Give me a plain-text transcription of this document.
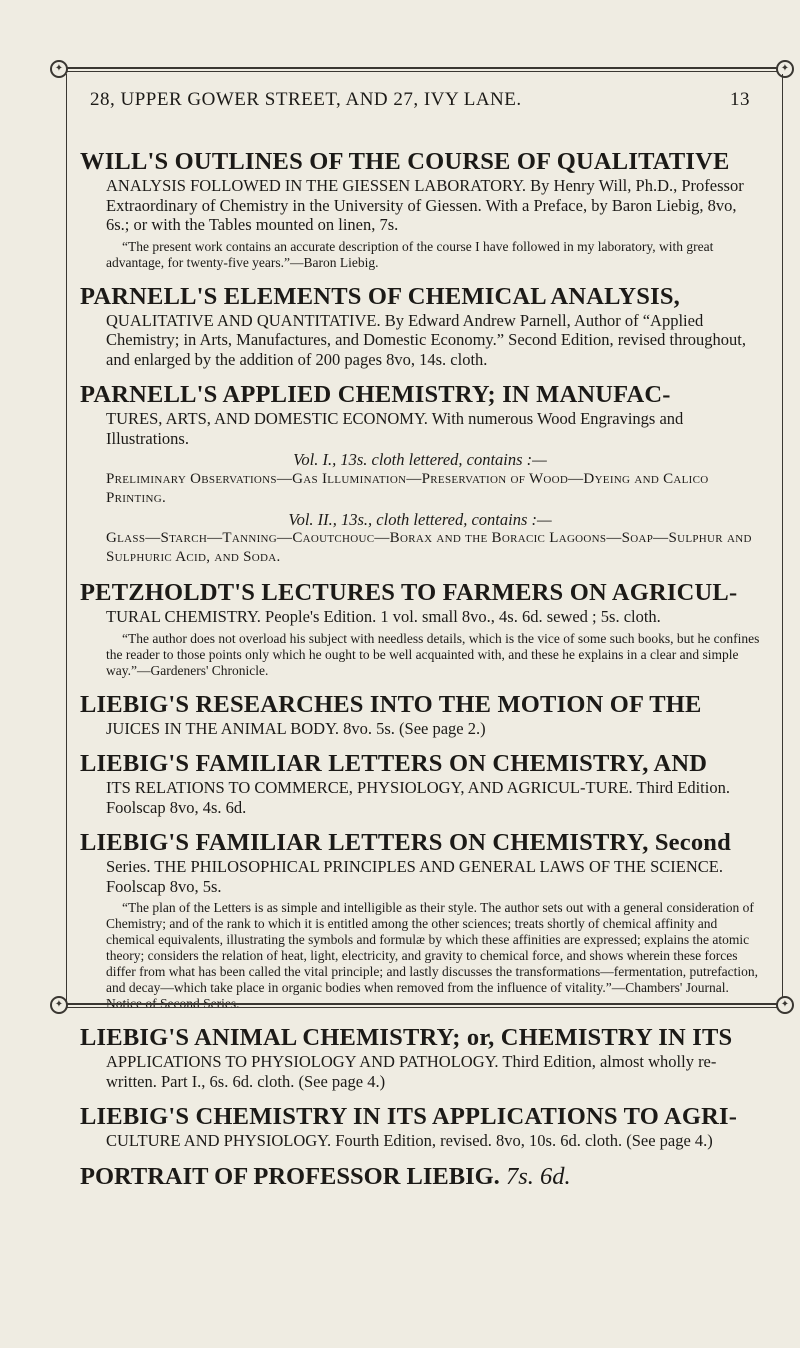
✦	✦
28, UPPER GOWER STREET, AND 27, IVY LANE.	13

WILL'S OUTLINES OF THE COURSE OF QUALITATIVE

ANALYSIS FOLLOWED IN THE GIESSEN LABORATORY. By Henry Will, Ph.D., Professor Extraordinary of Chemistry in the University of Giessen. With a Preface, by Baron Liebig, 8vo, 6s.; or with the Tables mounted on linen, 7s.

“The present work contains an accurate description of the course I have followed in my laboratory, with great advantage, for twenty-five years.”—Baron Liebig.

PARNELL'S ELEMENTS OF CHEMICAL ANALYSIS,

QUALITATIVE AND QUANTITATIVE. By Edward Andrew Parnell, Author of “Applied Chemistry; in Arts, Manufactures, and Domestic Economy.” Second Edition, revised throughout, and enlarged by the addition of 200 pages 8vo, 14s. cloth.

PARNELL'S APPLIED CHEMISTRY; IN MANUFAC-

TURES, ARTS, AND DOMESTIC ECONOMY. With numerous Wood Engravings and Illustrations.

Vol. I., 13s. cloth lettered, contains :—

Preliminary Observations—Gas Illumination—Preservation of Wood—Dyeing and Calico Printing.

Vol. II., 13s., cloth lettered, contains :—

Glass—Starch—Tanning—Caoutchouc—Borax and the Boracic Lagoons—Soap—Sulphur and Sulphuric Acid, and Soda.

PETZHOLDT'S LECTURES TO FARMERS ON AGRICUL-

TURAL CHEMISTRY. People's Edition. 1 vol. small 8vo., 4s. 6d. sewed ; 5s. cloth.

“The author does not overload his subject with needless details, which is the vice of some such books, but he confines the reader to those points only which he ought to be well acquainted with, and these he explains in a clear and simple way.”—Gardeners' Chronicle.

LIEBIG'S RESEARCHES INTO THE MOTION OF THE

JUICES IN THE ANIMAL BODY. 8vo. 5s. (See page 2.)

LIEBIG'S FAMILIAR LETTERS ON CHEMISTRY, AND

ITS RELATIONS TO COMMERCE, PHYSIOLOGY, AND AGRICUL-TURE. Third Edition. Foolscap 8vo, 4s. 6d.

LIEBIG'S FAMILIAR LETTERS ON CHEMISTRY, Second

Series. THE PHILOSOPHICAL PRINCIPLES AND GENERAL LAWS OF THE SCIENCE. Foolscap 8vo, 5s.

“The plan of the Letters is as simple and intelligible as their style. The author sets out with a general consideration of Chemistry; and of the rank to which it is entitled among the other sciences; treats shortly of chemical affinity and chemical equivalents, illustrating the symbols and formulæ by which these affinities are expressed; explains the atomic theory; considers the relation of heat, light, electricity, and gravity to chemical force, and shows wherein these forces differ from what has been called the vital principle; and lastly discusses the transformations—fermentation, putrefaction, and decay—which take place in organic bodies when removed from the influence of vitality.”—Chambers' Journal. Notice of Second Series.

LIEBIG'S ANIMAL CHEMISTRY; or, CHEMISTRY IN ITS

APPLICATIONS TO PHYSIOLOGY AND PATHOLOGY. Third Edition, almost wholly re-written. Part I., 6s. 6d. cloth. (See page 4.)

LIEBIG'S CHEMISTRY IN ITS APPLICATIONS TO AGRI-

CULTURE AND PHYSIOLOGY. Fourth Edition, revised. 8vo, 10s. 6d. cloth. (See page 4.)

PORTRAIT OF PROFESSOR LIEBIG. 7s. 6d.

✦	✦
